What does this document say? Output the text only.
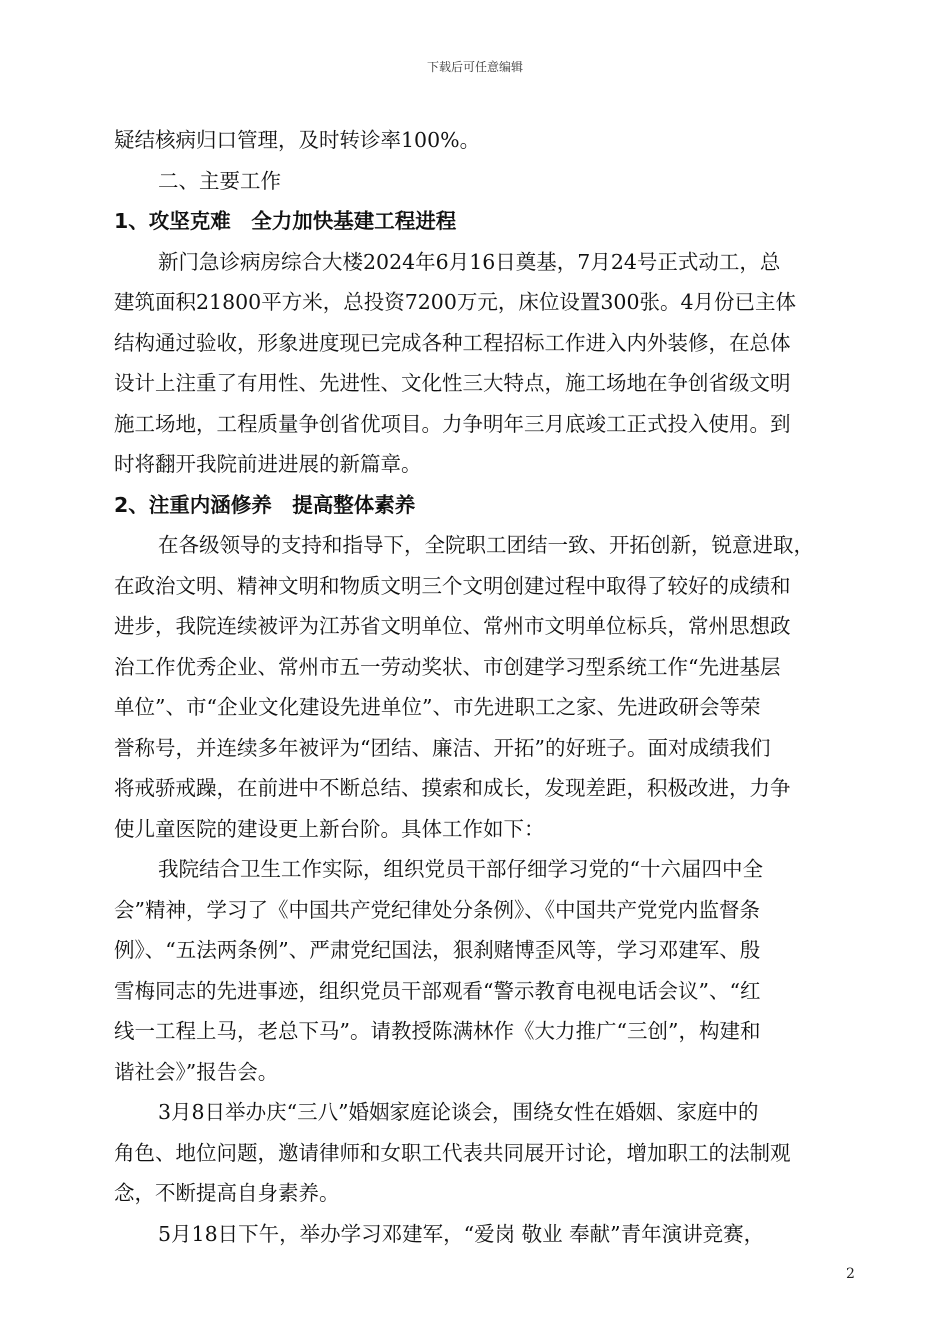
下载后可任意编辑
疑结核病归口管理，及时转诊率100%。
二、主要工作
1、攻坚克难　全力加快基建工程进程
新门急诊病房综合大楼2024年6月16日奠基，7月24号正式动工，总
建筑面积21800平方米，总投资7200万元，床位设置300张。4月份已主体
结构通过验收，形象进度现已完成各种工程招标工作进入内外装修，在总体
设计上注重了有用性、先进性、文化性三大特点，施工场地在争创省级文明
施工场地，工程质量争创省优项目。力争明年三月底竣工正式投入使用。到
时将翻开我院前进进展的新篇章。
2、注重内涵修养　提高整体素养
在各级领导的支持和指导下，全院职工团结一致、开拓创新，锐意进取，
在政治文明、精神文明和物质文明三个文明创建过程中取得了较好的成绩和
进步，我院连续被评为江苏省文明单位、常州市文明单位标兵，常州思想政
治工作优秀企业、常州市五一劳动奖状、市创建学习型系统工作“先进基层
单位”、市“企业文化建设先进单位”、市先进职工之家、先进政研会等荣
誉称号，并连续多年被评为“团结、廉洁、开拓”的好班子。面对成绩我们
将戒骄戒躁，在前进中不断总结、摸索和成长，发现差距，积极改进，力争
使儿童医院的建设更上新台阶。具体工作如下：
我院结合卫生工作实际，组织党员干部仔细学习党的“十六届四中全
会”精神，学习了《中国共产党纪律处分条例》、《中国共产党党内监督条
例》、“五法两条例”、严肃党纪国法，狠刹赌博歪风等，学习邓建军、殷
雪梅同志的先进事迹，组织党员干部观看“警示教育电视电话会议”、“红
线一工程上马，老总下马”。请教授陈满林作《大力推广“三创”，构建和
谐社会》”报告会。
3月8日举办庆“三八”婚姻家庭论谈会，围绕女性在婚姻、家庭中的
角色、地位问题，邀请律师和女职工代表共同展开讨论，增加职工的法制观
念，不断提高自身素养。
5月18日下午，举办学习邓建军，“爱岗 敬业 奉献”青年演讲竞赛，
2
